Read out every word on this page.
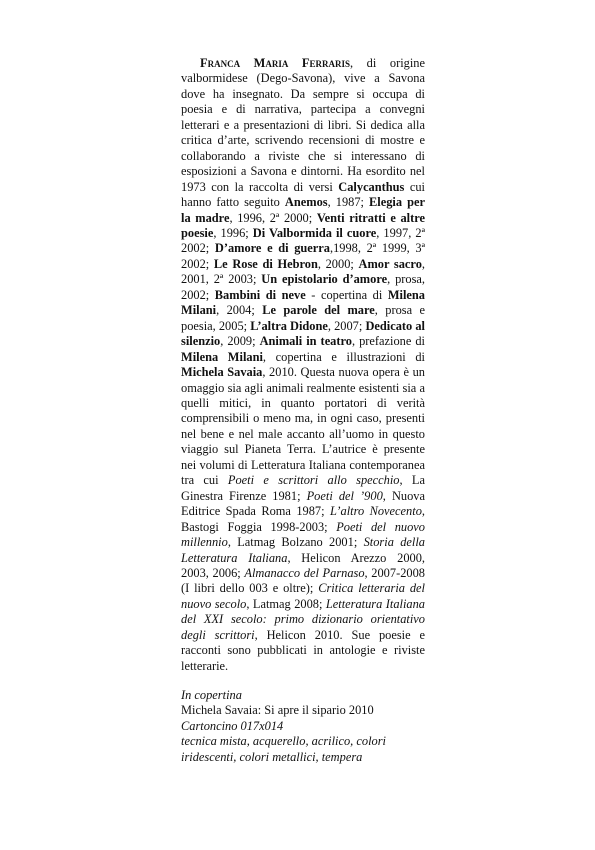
Franca Maria Ferraris, di origine valbormidese (Dego-Savona), vive a Savona dove ha insegnato. Da sempre si occupa di poesia e di narrativa, partecipa a convegni letterari e a presentazioni di libri. Si dedica alla critica d’arte, scrivendo recensioni di mostre e collaborando a riviste che si interessano di esposizioni a Savona e dintorni. Ha esordito nel 1973 con la raccolta di versi Calycanthus cui hanno fatto seguito Anemos, 1987; Elegia per la madre, 1996, 2ª 2000; Venti ritratti e altre poesie, 1996; Di Valbormida il cuore, 1997, 2ª 2002; D’amore e di guerra,1998, 2ª 1999, 3ª 2002; Le Rose di Hebron, 2000; Amor sacro, 2001, 2ª 2003; Un epistolario d’amore, prosa, 2002; Bambini di neve - copertina di Milena Milani, 2004; Le parole del mare, prosa e poesia, 2005; L’altra Didone, 2007; Dedicato al silenzio, 2009; Animali in teatro, prefazione di Milena Milani, copertina e illustrazioni di Michela Savaia, 2010. Questa nuova opera è un omaggio sia agli animali realmente esistenti sia a quelli mitici, in quanto portatori di verità comprensibili o meno ma, in ogni caso, presenti nel bene e nel male accanto all’uomo in questo viaggio sul Pianeta Terra. L’autrice è presente nei volumi di Letteratura Italiana contemporanea tra cui Poeti e scrittori allo specchio, La Ginestra Firenze 1981; Poeti del ’900, Nuova Editrice Spada Roma 1987; L’altro Novecento, Bastogi Foggia 1998-2003; Poeti del nuovo millennio, Latmag Bolzano 2001; Storia della Letteratura Italiana, Helicon Arezzo 2000, 2003, 2006; Almanacco del Parnaso, 2007-2008 (I libri dello 003 e oltre); Critica letteraria del nuovo secolo, Latmag 2008; Letteratura Italiana del XXI secolo: primo dizionario orientativo degli scrittori, Helicon 2010. Sue poesie e racconti sono pubblicati in antologie e riviste letterarie.

In copertina
Michela Savaia: Si apre il sipario 2010
Cartoncino 017x014
tecnica mista, acquerello, acrilico, colori
iridescenti, colori metallici, tempera
